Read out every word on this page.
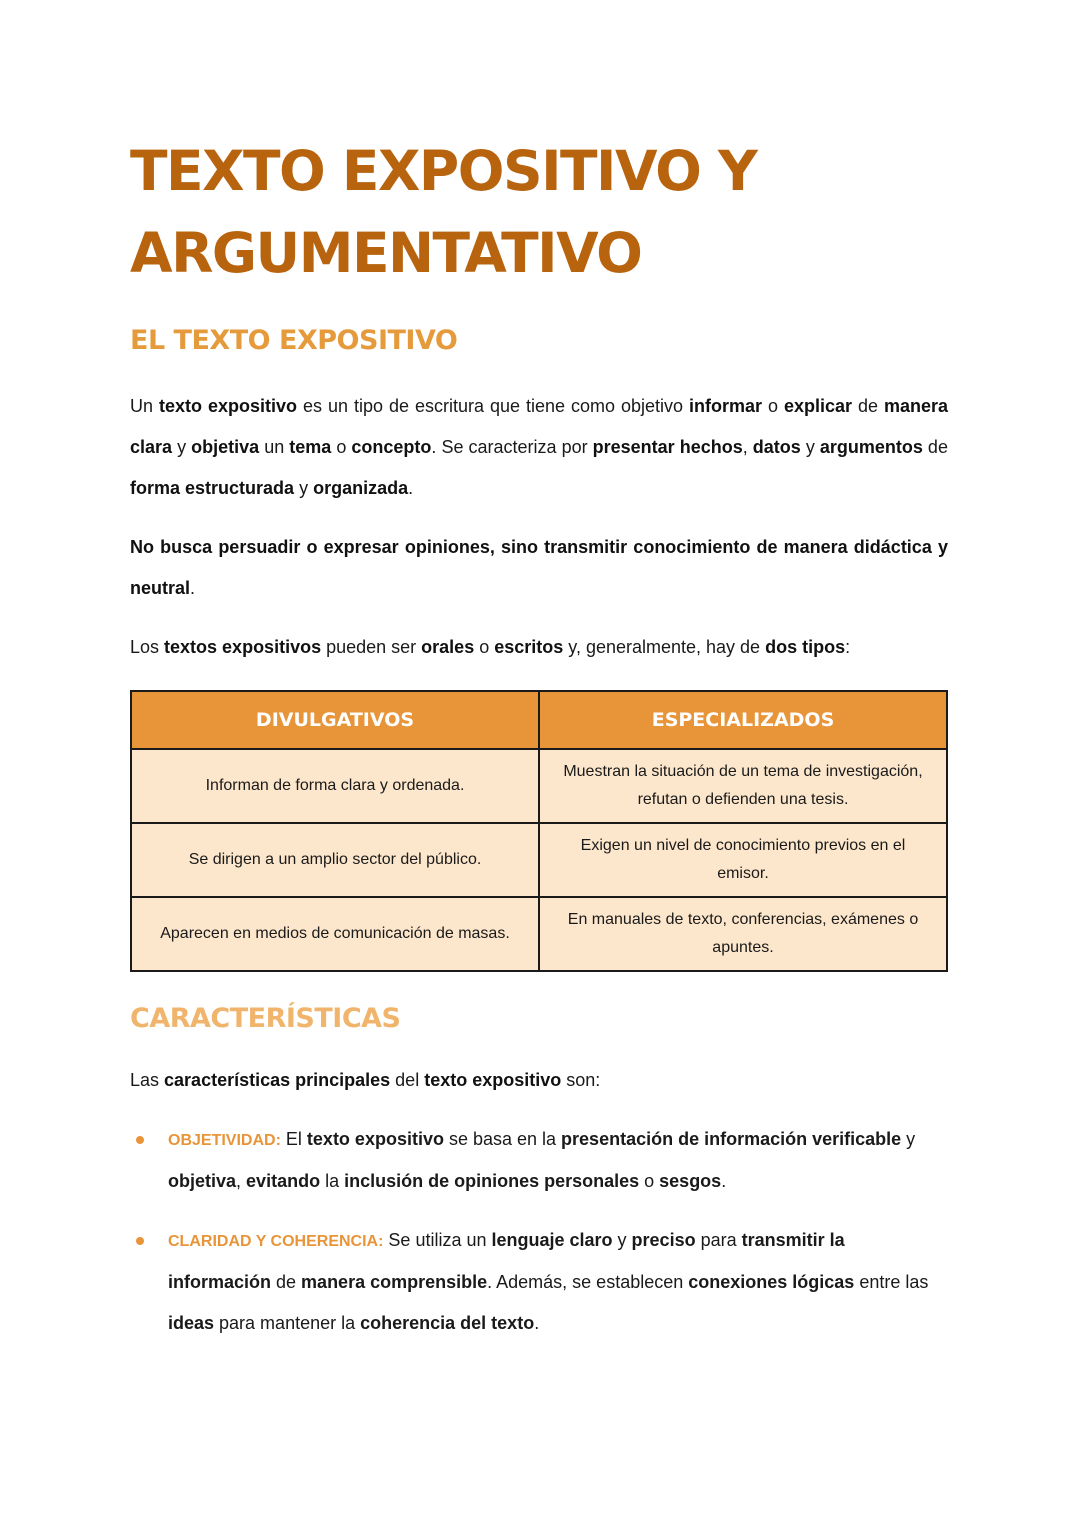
TEXTO EXPOSITIVO Y
ARGUMENTATIVO
EL TEXTO EXPOSITIVO

Un texto expositivo es un tipo de escritura que tiene como objetivo informar o explicar de manera clara y objetiva un tema o concepto. Se caracteriza por presentar hechos, datos y argumentos de forma estructurada y organizada.

No busca persuadir o expresar opiniones, sino transmitir conocimiento de manera didáctica y neutral.

Los textos expositivos pueden ser orales o escritos y, generalmente, hay de dos tipos:

DIVULGATIVOS	ESPECIALIZADOS
Informan de forma clara y ordenada.	Muestran la situación de un tema de investigación, refutan o defienden una tesis.
Se dirigen a un amplio sector del público.	Exigen un nivel de conocimiento previos en el emisor.
Aparecen en medios de comunicación de masas.	En manuales de texto, conferencias, exámenes o apuntes.
CARACTERÍSTICAS

Las características principales del texto expositivo son:

OBJETIVIDAD: El texto expositivo se basa en la presentación de información verificable y objetiva, evitando la inclusión de opiniones personales o sesgos.
CLARIDAD Y COHERENCIA: Se utiliza un lenguaje claro y preciso para transmitir la información de manera comprensible. Además, se establecen conexiones lógicas entre las ideas para mantener la coherencia del texto.
